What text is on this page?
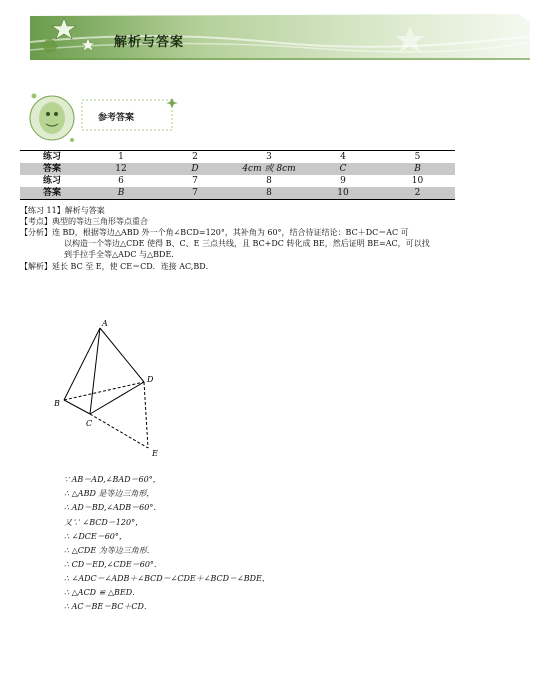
解析与答案
参考答案
练习	1	2	3	4	5
答案	12	D	4cm 或 8cm	C	B
练习	6	7	8	9	10
答案	B	7	8	10	2
【练习 11】解析与答案
【考点】典型的等边三角形等点重合
【分析】连 BD，根据等边△ABD 外一个角∠BCD=120°，其补角为 60°，结合待证结论：BC＋DC＝AC 可
以构造一个等边△CDE 使得 B、C、E 三点共线，且 BC+DC 转化成 BE，然后证明 BE=AC，可以找
到手拉手全等△ADC 与△BDE.
【解析】延长 BC 至 E，使 CE＝CD．连接 AC,BD．
A
B
C
D
E
∵ AB＝AD,∠BAD＝60°，
∴ △ABD 是等边三角形，
∴ AD＝BD,∠ADB＝60°．
又∵ ∠BCD＝120°，
∴ ∠DCE＝60°，
∴ △CDE 为等边三角形．
∴ CD＝ED,∠CDE＝60°．
∴ ∠ADC＝∠ADB＋∠BCD＝∠CDE＋∠BCD＝∠BDE，
∴ △ACD ≌ △BED．
∴ AC＝BE＝BC＋CD．
